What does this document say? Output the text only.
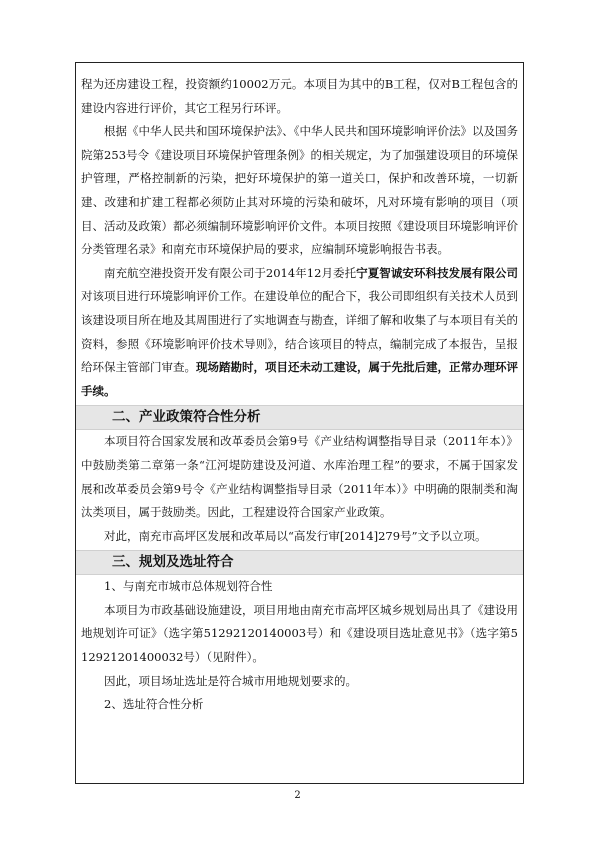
程为还房建设工程，投资额约10002万元。本项目为其中的B工程，仅对B工程包含的建设内容进行评价，其它工程另行环评。

根据《中华人民共和国环境保护法》、《中华人民共和国环境影响评价法》以及国务院第253号令《建设项目环境保护管理条例》的相关规定，为了加强建设项目的环境保护管理，严格控制新的污染，把好环境保护的第一道关口，保护和改善环境，一切新建、改建和扩建工程都必须防止其对环境的污染和破坏，凡对环境有影响的项目（项目、活动及政策）都必须编制环境影响评价文件。本项目按照《建设项目环境影响评价分类管理名录》和南充市环境保护局的要求，应编制环境影响报告书表。

南充航空港投资开发有限公司于2014年12月委托宁夏智诚安环科技发展有限公司对该项目进行环境影响评价工作。在建设单位的配合下，我公司即组织有关技术人员到该建设项目所在地及其周围进行了实地调查与勘查，详细了解和收集了与本项目有关的资料，参照《环境影响评价技术导则》，结合该项目的特点，编制完成了本报告，呈报给环保主管部门审查。现场踏勘时，项目还未动工建设，属于先批后建，正常办理环评手续。

二、产业政策符合性分析

本项目符合国家发展和改革委员会第9号《产业结构调整指导目录（2011年本）》中鼓励类第二章第一条“江河堤防建设及河道、水库治理工程”的要求，不属于国家发展和改革委员会第9号令《产业结构调整指导目录（2011年本）》中明确的限制类和淘汰类项目，属于鼓励类。因此，工程建设符合国家产业政策。

对此，南充市高坪区发展和改革局以“高发行审[2014]279号”文予以立项。

三、规划及选址符合

1、与南充市城市总体规划符合性

本项目为市政基础设施建设，项目用地由南充市高坪区城乡规划局出具了《建设用地规划许可证》（选字第51292120140003号）和《建设项目选址意见书》（选字第512921201400032号）（见附件）。

因此，项目场址选址是符合城市用地规划要求的。

2、选址符合性分析

2
